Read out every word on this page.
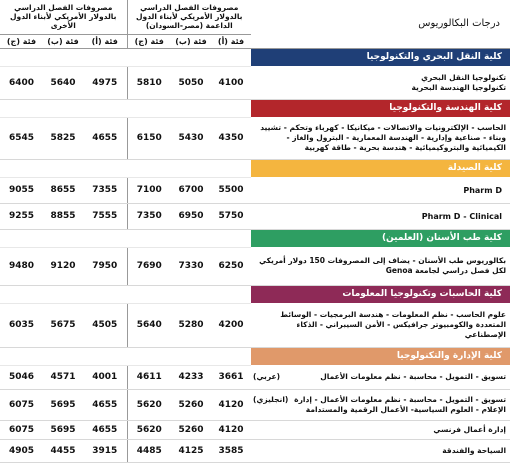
مصروفات الفصل الدراسي بالدولار الأمريكي لأبناء الدول الأخرى			مصروفات الفصل الدراسي بالدولار الأمريكي لأبناء الدول الداعمة (مصر-السودان)			درجات البكالوريوس
فئة (ج)	فئة (ب)	فئة (أ)	فئة (ج)	فئة (ب)	فئة (أ)	
						كلية النقل البحري والتكنولوجيا
6400	5640	4975	5810	5050	4100	تكنولوجيا النقل البحري
تكنولوجيا الهندسة البحرية
						كلية الهندسة والتكنولوجيا
6545	5825	4655	6150	5430	4350	الحاسب - الإلكترونيات والاتصالات - ميكانيكا - كهرباء وتحكم - تشييد وبناء - صناعية وإدارية - الهندسة المعمارية - البترول والغاز - الكيميائية والبتروكيميائية - هندسة بحرية - طاقة كهربية
						كلية الصيدلة
9055	8655	7355	7100	6700	5500	Pharm D
9255	8855	7555	7350	6950	5750	Pharm D - Clinical
						كلية طب الأسنان (العلمين)
9480	9120	7950	7690	7330	6250	بكالوريوس طب الأسنان - يضاف إلى المصروفات 150 دولار أمريكي لكل فصل دراسي لجامعة Genoa
						كلية الحاسبات وتكنولوجيا المعلومات
6035	5675	4505	5640	5280	4200	علوم الحاسب - نظم المعلومات - هندسة البرمجيات - الوسائط المتعددة والكومبيوتر جرافيكس - الأمن السيبراني - الذكاء الإصطناعي
						كلية الإدارة والتكنولوجيا
5046	4571	4001	4611	4233	3661	(عربي) تسويق - التمويل - محاسبة - نظم معلومات الأعمال
6075	5695	4655	5620	5260	4120	(انجليزي) تسويق - التمويل - محاسبة - نظم معلومات الأعمال - إدارة الإعلام - العلوم السياسية- الأعمال الرقمية والمستدامة
6075	5695	4655	5620	5260	4120	إدارة أعمال فرنسي
4905	4455	3915	4485	4125	3585	السياحة والفندقة
